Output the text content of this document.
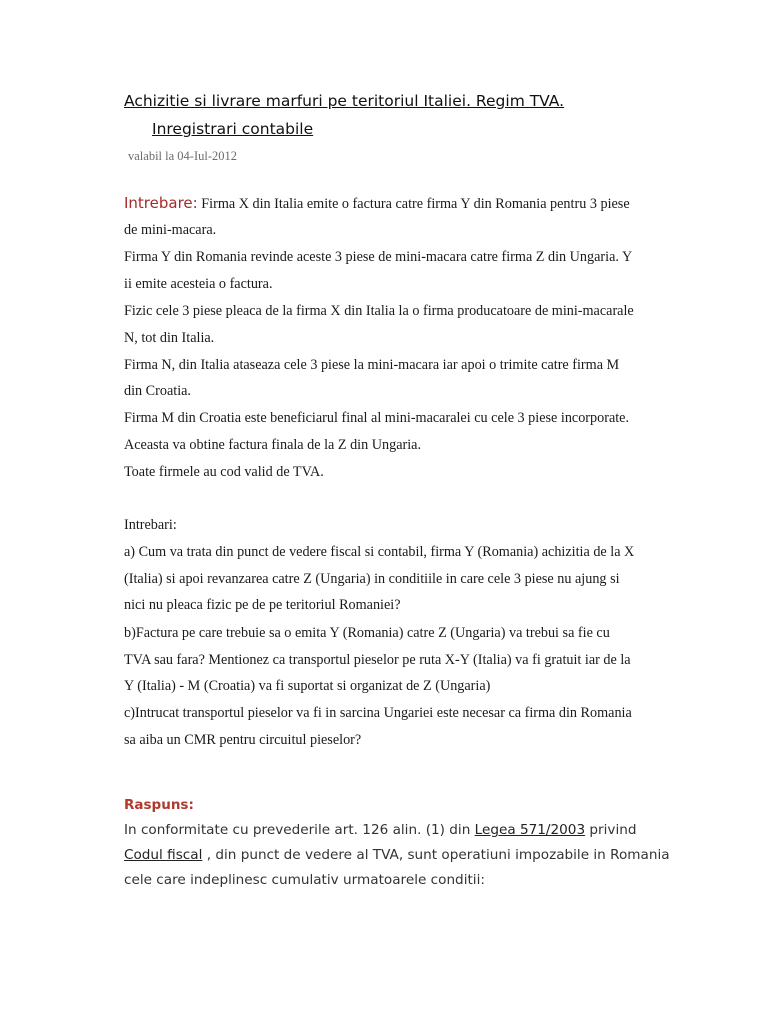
Achizitie si livrare marfuri pe teritoriul Italiei. Regim TVA.
Inregistrari contabile
valabil la 04-Iul-2012
Intrebare: Firma X din Italia emite o factura catre firma Y din Romania pentru 3 piese
de mini-macara.
Firma Y din Romania revinde aceste 3 piese de mini-macara catre firma Z din Ungaria. Y
ii emite acesteia o factura.
Fizic cele 3 piese pleaca de la firma X din Italia la o firma producatoare de mini-macarale
N, tot din Italia.
Firma N, din Italia ataseaza cele 3 piese la mini-macara iar apoi o trimite catre firma M
din Croatia.
Firma M din Croatia este beneficiarul final al mini-macaralei cu cele 3 piese incorporate.
Aceasta va obtine factura finala de la Z din Ungaria.
Toate firmele au cod valid de TVA.
Intrebari:
a) Cum va trata din punct de vedere fiscal si contabil, firma Y (Romania) achizitia de la X
(Italia) si apoi revanzarea catre Z (Ungaria) in conditiile in care cele 3 piese nu ajung si
nici nu pleaca fizic pe de pe teritoriul Romaniei?
b)Factura pe care trebuie sa o emita Y (Romania) catre Z (Ungaria) va trebui sa fie cu
TVA sau fara? Mentionez ca transportul pieselor pe ruta X-Y (Italia) va fi gratuit iar de la
Y (Italia) - M (Croatia) va fi suportat si organizat de Z (Ungaria)
c)Intrucat transportul pieselor va fi in sarcina Ungariei este necesar ca firma din Romania
sa aiba un CMR pentru circuitul pieselor?
Raspuns:
In conformitate cu prevederile art. 126 alin. (1) din Legea 571/2003 privind
Codul fiscal , din punct de vedere al TVA, sunt operatiuni impozabile in Romania
cele care indeplinesc cumulativ urmatoarele conditii:
